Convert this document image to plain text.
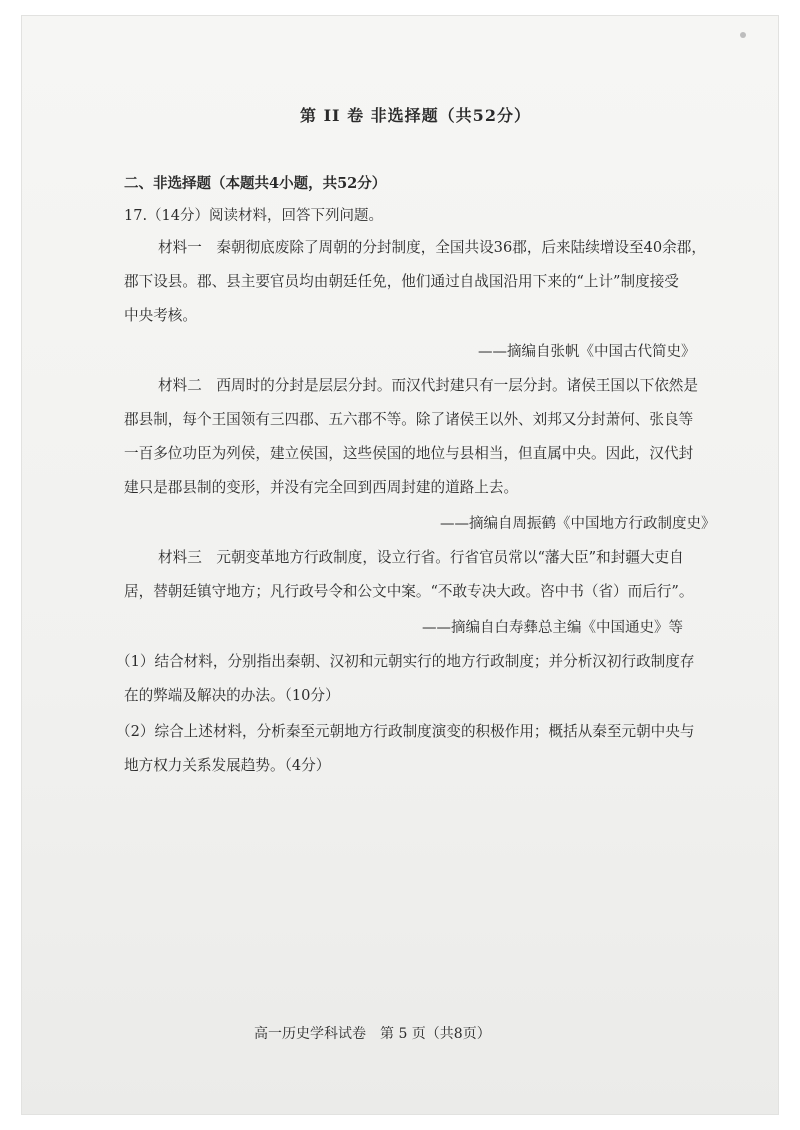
第 II 卷 非选择题（共52分）
二、非选择题（本题共4小题，共52分）
17.（14分）阅读材料，回答下列问题。
材料一　秦朝彻底废除了周朝的分封制度，全国共设36郡，后来陆续增设至40余郡，
郡下设县。郡、县主要官员均由朝廷任免，他们通过自战国沿用下来的“上计”制度接受
中央考核。
——摘编自张帆《中国古代简史》
材料二　西周时的分封是层层分封。而汉代封建只有一层分封。诸侯王国以下依然是
郡县制，每个王国领有三四郡、五六郡不等。除了诸侯王以外、刘邦又分封萧何、张良等
一百多位功臣为列侯，建立侯国，这些侯国的地位与县相当，但直属中央。因此，汉代封
建只是郡县制的变形，并没有完全回到西周封建的道路上去。
——摘编自周振鹤《中国地方行政制度史》
材料三　元朝变革地方行政制度，设立行省。行省官员常以“藩大臣”和封疆大吏自
居，替朝廷镇守地方；凡行政号令和公文中案。“不敢专决大政。咨中书（省）而后行”。
——摘编自白寿彝总主编《中国通史》等
（1）结合材料，分别指出秦朝、汉初和元朝实行的地方行政制度；并分析汉初行政制度存
在的弊端及解决的办法。（10分）
（2）综合上述材料，分析秦至元朝地方行政制度演变的积极作用；概括从秦至元朝中央与
地方权力关系发展趋势。（4分）
高一历史学科试卷　第 5 页（共8页）
